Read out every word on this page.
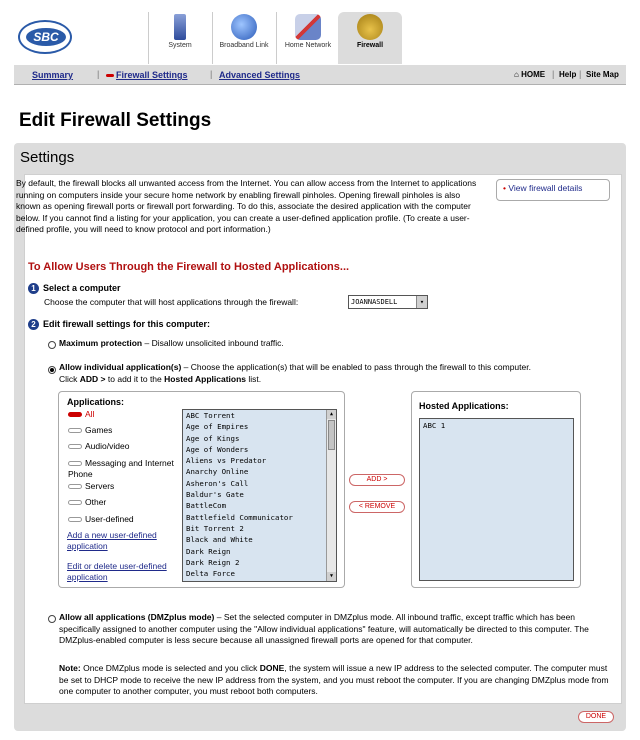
SBC
System	Broadband Link	Home Network	Firewall
Summary	|	Firewall Settings | Advanced Settings	⌂ HOME | Help | Site Map
Edit Firewall Settings
Settings
By default, the firewall blocks all unwanted access from the Internet. You can allow access from the Internet to applications running on computers inside your secure home network by enabling firewall pinholes. Opening firewall pinholes is also known as opening firewall ports or firewall port forwarding. To do this, associate the desired application with the computer below. If you cannot find a listing for your application, you can create a user-defined application profile. (To create a user-defined profile, you will need to know protocol and port information.)
• View firewall details
To Allow Users Through the Firewall to Hosted Applications...
1 Select a computer
Choose the computer that will host applications through the firewall:	JOANNASDELL	▾
2 Edit firewall settings for this computer:
Maximum protection – Disallow unsolicited inbound traffic.
Allow individual application(s) – Choose the application(s) that will be enabled to pass through the firewall to this computer.
Click ADD > to add it to the Hosted Applications list.
Applications:
All
Games
Audio/video
Messaging and Internet Phone
Servers
Other
User-defined
Add a new user-defined application
Edit or delete user-defined application
ABC Torrent
Age of Empires
Age of Kings
Age of Wonders
Aliens vs Predator
Anarchy Online
Asheron's Call
Baldur's Gate
BattleCom
Battlefield Communicator
Bit Torrent 2
Black and White
Dark Reign
Dark Reign 2
Delta Force
▲
▼
ADD >
< REMOVE
Hosted Applications:
ABC 1
Allow all applications (DMZplus mode) – Set the selected computer in DMZplus mode. All inbound traffic, except traffic which has been specifically assigned to another computer using the "Allow individual applications" feature, will automatically be directed to this computer. The DMZplus-enabled computer is less secure because all unassigned firewall ports are opened for that computer.
Note: Once DMZplus mode is selected and you click DONE, the system will issue a new IP address to the selected computer. The computer must be set to DHCP mode to receive the new IP address from the system, and you must reboot the computer. If you are changing DMZplus mode from one computer to another computer, you must reboot both computers.
DONE
